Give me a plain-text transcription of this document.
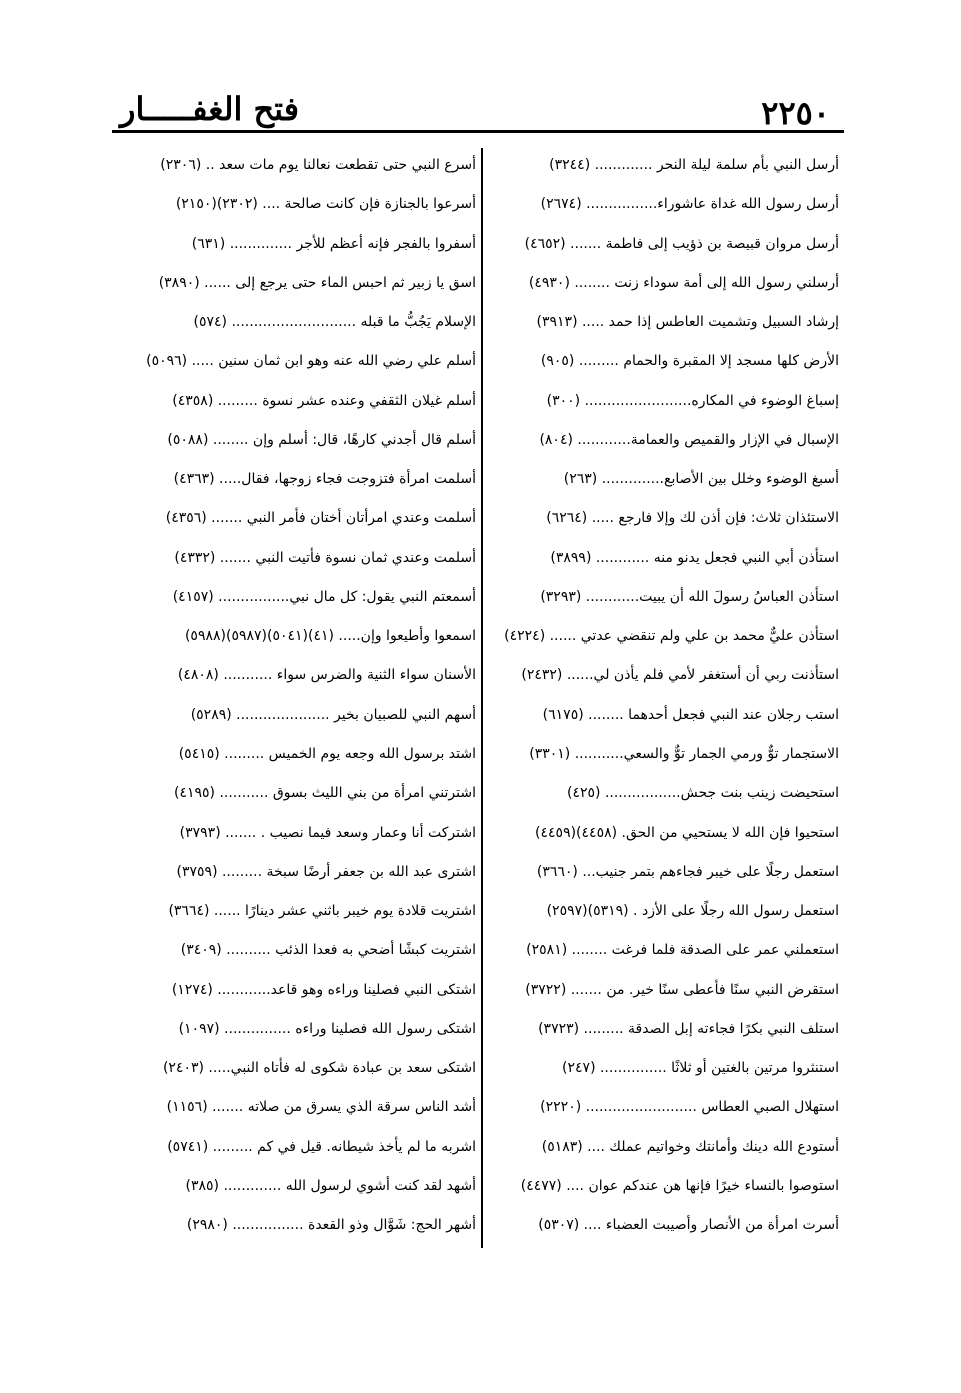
٢٢٥٠
فتح الغفـــــار
أرسل النبي بأم سلمة ليلة النحر ............. (٣٢٤٤)
أرسل رسول الله غداة عاشوراء................ (٢٦٧٤)
أرسل مروان قبيصة بن ذؤيب إلى فاطمة ....... (٤٦٥٢)
أرسلني رسول الله إلى أمة سوداء زنت ........ (٤٩٣٠)
إرشاد السبيل وتشميت العاطس إذا حمد ..... (٣٩١٣)
الأرض كلها مسجد إلا المقبرة والحمام ......... (٩٠٥)
إسباغ الوضوء في المكاره........................ (٣٠٠)
الإسبال في الإزار والقميص والعمامة............ (٨٠٤)
أسبغ الوضوء وخلل بين الأصابع.............. (٢٦٣)
الاستئذان ثلاث: فإن أذن لك وإلا فارجع ..... (٦٢٦٤)
استأذن أبي النبي فجعل يدنو منه ............ (٣٨٩٩)
استأذن العباسُ رسولَ الله أن يبيت............ (٣٢٩٣)
استأذن عليٌّ محمد بن علي ولم تنقضي عدتي ...... (٤٢٢٤)
استأذنت ربي أن أستغفر لأمي فلم يأذن لي...... (٢٤٣٢)
استب رجلان عند النبي فجعل أحدهما ........ (٦١٧٥)
الاستجمار توٌّ ورمي الجمار توٌّ والسعي........... (٣٣٠١)
استحيضت زينب بنت جحش................. (٤٢٥)
استحيوا فإن الله لا يستحيي من الحق. (٤٤٥٨)(٤٤٥٩)
استعمل رجلًا على خيبر فجاءهم بتمر جنيب... (٣٦٦٠)
استعمل رسول الله رجلًا على الأزد . (٥٣١٩)(٢٥٩٧)
استعملني عمر على الصدقة فلما فرغت ........ (٢٥٨١)
استقرض النبي سنًا فأعطى سنًا خير. من ....... (٣٧٢٢)
استلف النبي بكرًا فجاءته إبل الصدقة ......... (٣٧٢٣)
استنثروا مرتين بالغتين أو ثلاثًا ............... (٢٤٧)
استهلال الصبي العطاس ......................... (٢٢٢٠)
أستودع الله دينك وأمانتك وخواتيم عملك .... (٥١٨٣)
استوصوا بالنساء خيرًا فإنها هن عندكم عوان .... (٤٤٧٧)
أسرت امرأة من الأنصار وأصيبت العضباء .... (٥٣٠٧)
أسرع النبي حتى تقطعت نعالنا يوم مات سعد .. (٢٣٠٦)
أسرعوا بالجنازة فإن كانت صالحة .... (٢٣٠٢)(٢١٥٠)
أسفروا بالفجر فإنه أعظم للأجر .............. (٦٣١)
اسق يا زبير ثم احبس الماء حتى يرجع إلى ...... (٣٨٩٠)
الإسلام يَجُبُّ ما قبله ............................ (٥٧٤)
أسلم علي رضي الله عنه وهو ابن ثمان سنين ..... (٥٠٩٦)
أسلم غيلان الثقفي وعنده عشر نسوة ......... (٤٣٥٨)
أسلم قال أجدني كارهًا، قال: أسلم وإن ........ (٥٠٨٨)
أسلمت امرأة فتزوجت فجاء زوجها، فقال..... (٤٣٦٣)
أسلمت وعندي امرأتان أختان فأمر النبي ....... (٤٣٥٦)
أسلمت وعندي ثمان نسوة فأتيت النبي ....... (٤٣٣٢)
أسمعتم النبي يقول: كل مال نبي................ (٤١٥٧)
اسمعوا وأطيعوا وإن..... (٤١)(٥٠٤١)(٥٩٨٧)(٥٩٨٨)
الأسنان سواء الثنية والضرس سواء ........... (٤٨٠٨)
أسهم النبي للصبيان بخير ..................... (٥٢٨٩)
اشتد برسول الله وجعه يوم الخميس ......... (٥٤١٥)
اشترتني امرأة من بني الليث بسوق ........... (٤١٩٥)
اشتركت أنا وعمار وسعد فيما نصيب . ....... (٣٧٩٣)
اشترى عبد الله بن جعفر أرضًا سبخة ......... (٣٧٥٩)
اشتريت قلادة يوم خيبر باثني عشر دينارًا ...... (٣٦٦٤)
اشتريت كبشًا أضحي به فعدا الذئب .......... (٣٤٠٩)
اشتكى النبي فصلينا وراءه وهو قاعد............ (١٢٧٤)
اشتكى رسول الله فصلينا وراءه ............... (١٠٩٧)
اشتكى سعد بن عبادة شكوى له فأتاه النبي..... (٢٤٠٣)
أشد الناس سرقة الذي يسرق من صلاته ....... (١١٥٦)
اشربه ما لم يأخذ شيطانه. قيل في كم ......... (٥٧٤١)
أشهد لقد كنت أشوي لرسول الله ............. (٣٨٥)
أشهر الحج: شَوَّال وذو القعدة ................ (٢٩٨٠)
